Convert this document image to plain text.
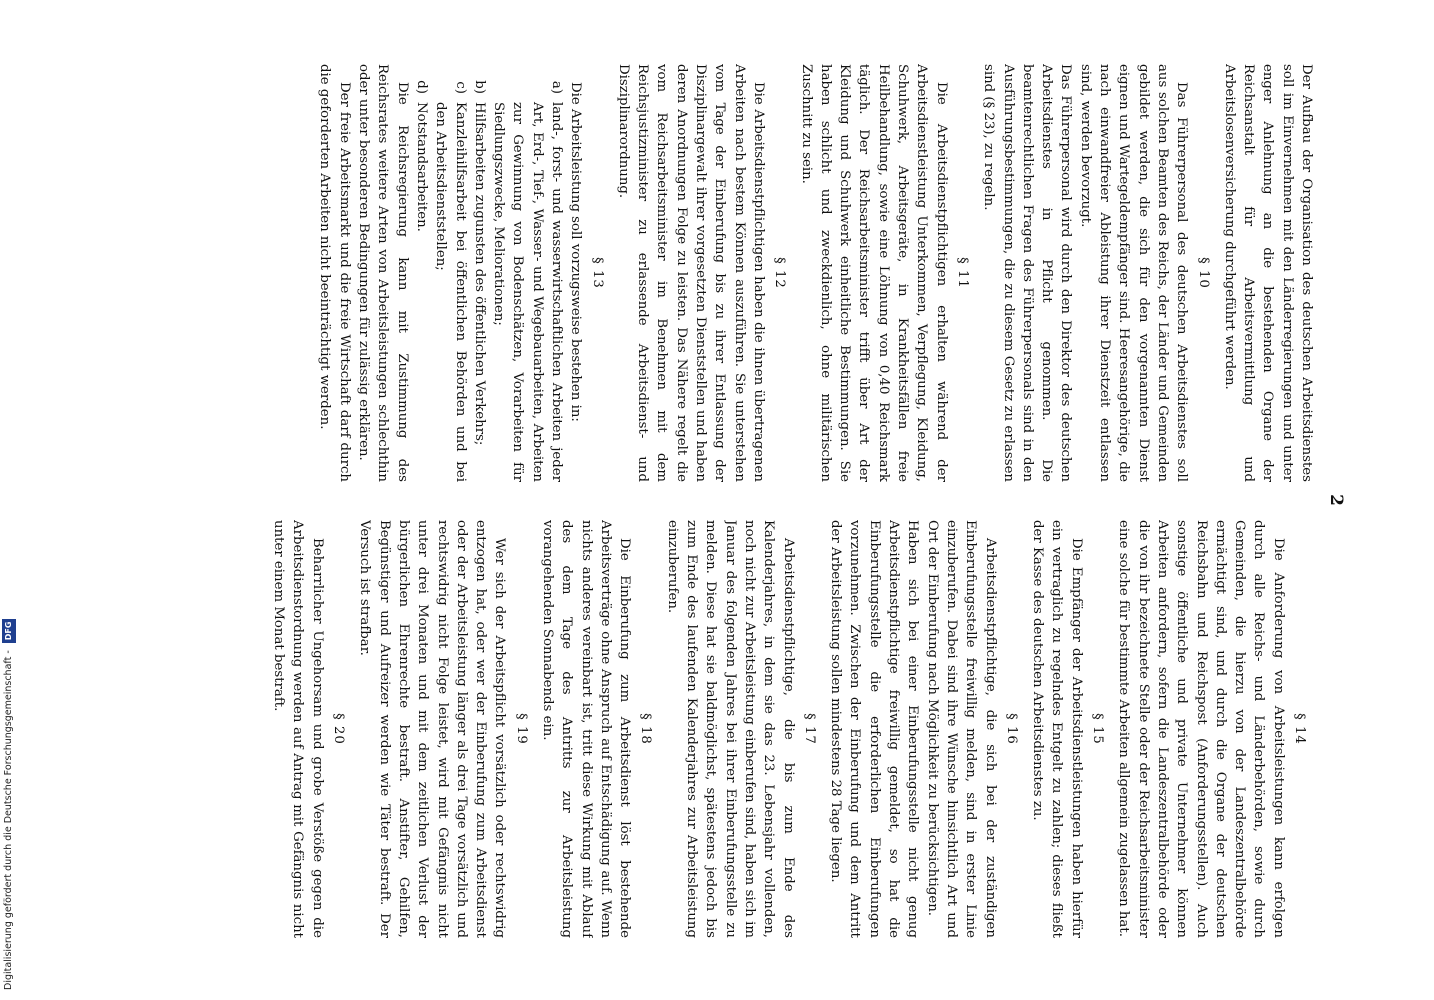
2

Der Aufbau der Organisation des deutschen Arbeitsdienstes soll im Einvernehmen mit den Länderregierungen und unter enger Anlehnung an die bestehenden Organe der Reichsanstalt für Arbeitsvermittlung und Arbeitslosenversicherung durchgeführt werden.

§ 10

Das Führerpersonal des deutschen Arbeitsdienstes soll aus solchen Beamten des Reichs, der Länder und Gemeinden gebildet werden, die sich für den vorgenannten Dienst eignen und Wartegeldempfänger sind. Heeresangehörige, die nach einwandfreier Ableistung ihrer Dienstzeit entlassen sind, werden bevorzugt.

Das Führerpersonal wird durch den Direktor des deutschen Arbeitsdienstes in Pflicht genommen. Die beamtenrechtlichen Fragen des Führerpersonals sind in den Ausführungsbestimmungen, die zu diesem Gesetz zu erlassen sind (§ 23), zu regeln.

§ 11

Die Arbeitsdienstpflichtigen erhalten während der Arbeitsdienstleistung Unterkommen, Verpflegung, Kleidung, Schuhwerk, Arbeitsgeräte, in Krankheitsfällen freie Heilbehandlung, sowie eine Löhnung von 0,40 Reichsmark täglich. Der Reichsarbeitsminister trifft über Art der Kleidung und Schuhwerk einheitliche Bestimmungen. Sie haben schlicht und zweckdienlich, ohne militärischen Zuschnitt zu sein.

§ 12

Die Arbeitsdienstpflichtigen haben die ihnen übertragenen Arbeiten nach bestem Können auszuführen. Sie unterstehen vom Tage der Einberufung bis zu ihrer Entlassung der Disziplinargewalt ihrer vorgesetzten Dienststellen und haben deren Anordnungen Folge zu leisten. Das Nähere regelt die vom Reichsarbeitsminister im Benehmen mit dem Reichsjustizminister zu erlassende Arbeitsdienst- und Disziplinarordnung.

§ 13

Die Arbeitsleistung soll vorzugsweise bestehen in:

a)
land-, forst- und wasserwirtschaftlichen Arbeiten jeder Art, Erd-, Tief-, Wasser- und Wegebauarbeiten, Arbeiten zur Gewinnung von Bodenschätzen, Vorarbeiten für Siedlungszwecke, Meliorationen;
b)
Hilfsarbeiten zugunsten des öffentlichen Verkehrs;
c)
Kanzleihilfsarbeit bei öffentlichen Behörden und bei den Arbeitsdienststellen;
d)
Notstandsarbeiten.

Die Reichsregierung kann mit Zustimmung des Reichsrates weitere Arten von Arbeitsleistungen schlechthin oder unter besonderen Bedingungen für zulässig erklären.

Der freie Arbeitsmarkt und die freie Wirtschaft darf durch die geforderten Arbeiten nicht beeinträchtigt werden.

§ 14

Die Anforderung von Arbeitsleistungen kann erfolgen durch alle Reichs- und Länderbehörden, sowie durch Gemeinden, die hierzu von der Landeszentralbehörde ermächtigt sind, und durch die Organe der deutschen Reichsbahn und Reichspost (Anforderungsstellen). Auch sonstige öffentliche und private Unternehmer können Arbeiten anfordern, sofern die Landeszentralbehörde oder die von ihr bezeichnete Stelle oder der Reichsarbeitsminister eine solche für bestimmte Arbeiten allgemein zugelassen hat.

§ 15

Die Empfänger der Arbeitsdienstleistungen haben hierfür ein vertraglich zu regelndes Entgelt zu zahlen; dieses fließt der Kasse des deutschen Arbeitsdienstes zu.

§ 16

Arbeitsdienstpflichtige, die sich bei der zuständigen Einberufungsstelle freiwillig melden, sind in erster Linie einzuberufen. Dabei sind ihre Wünsche hinsichtlich Art und Ort der Einberufung nach Möglichkeit zu berücksichtigen.

Haben sich bei einer Einberufungsstelle nicht genug Arbeitsdienstpflichtige freiwillig gemeldet, so hat die Einberufungsstelle die erforderlichen Einberufungen vorzunehmen. Zwischen der Einberufung und dem Antritt der Arbeitsleistung sollen mindestens 28 Tage liegen.

§ 17

Arbeitsdienstpflichtige, die bis zum Ende des Kalenderjahres, in dem sie das 23. Lebensjahr vollenden, noch nicht zur Arbeitsleistung einberufen sind, haben sich im Januar des folgenden Jahres bei ihrer Einberufungsstelle zu melden. Diese hat sie baldmöglichst, spätestens jedoch bis zum Ende des laufenden Kalenderjahres zur Arbeitsleistung einzuberufen.

§ 18

Die Einberufung zum Arbeitsdienst löst bestehende Arbeitsverträge ohne Anspruch auf Entschädigung auf. Wenn nichts anderes vereinbart ist, tritt diese Wirkung mit Ablauf des dem Tage des Antritts zur Arbeitsleistung vorangehenden Sonnabends ein.

§ 19

Wer sich der Arbeitspflicht vorsätzlich oder rechtswidrig entzogen hat, oder wer der Einberufung zum Arbeitsdienst oder der Arbeitsleistung länger als drei Tage vorsätzlich und rechtswidrig nicht Folge leistet, wird mit Gefängnis nicht unter drei Monaten und mit dem zeitlichen Verlust der bürgerlichen Ehrenrechte bestraft. Anstifter, Gehilfen, Begünstiger und Aufreizer werden wie Täter bestraft. Der Versuch ist strafbar.

§ 20

Beharrlicher Ungehorsam und grobe Verstöße gegen die Arbeitsdienstordnung werden auf Antrag mit Gefängnis nicht unter einem Monat bestraft.

Digitalisierung gefördert durch die Deutsche Forschungsgemeinschaft - DFG
